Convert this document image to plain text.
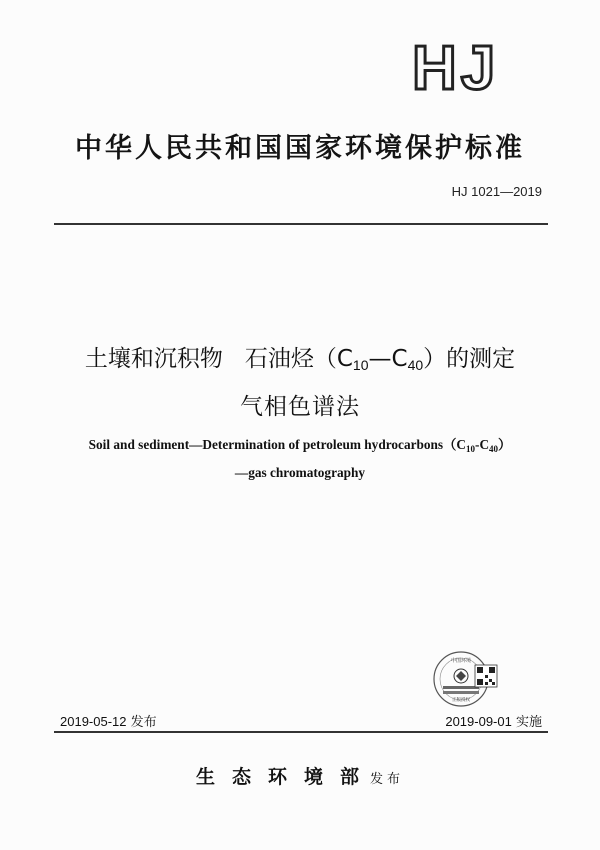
HJ
中华人民共和国国家环境保护标准
HJ 1021—2019
土壤和沉积物 石油烃$(C_{10}—C_{40})$的测定
气相色谱法
Soil and sediment—Determination of petroleum $hydrocarbons(C_{10}-C_{40})$
—gas chromatography
中国环境
正版授权
2019-05-12 发布	2019-09-01 实施
生态环境部发布
